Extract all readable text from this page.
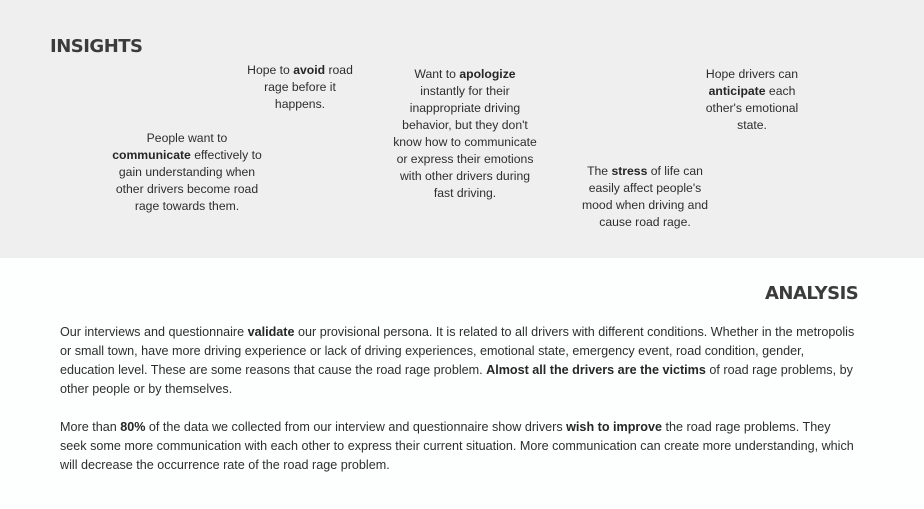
INSIGHTS

People want to communicate effectively to gain understanding when other drivers become road rage towards them.

Hope to avoid road rage before it happens.

Want to apologize instantly for their inappropriate driving behavior, but they don't know how to communicate or express their emotions with other drivers during fast driving.

The stress of life can easily affect people's mood when driving and cause road rage.

Hope drivers can anticipate each other's emotional state.

ANALYSIS

Our interviews and questionnaire validate our provisional persona. It is related to all drivers with different conditions. Whether in the metropolis or small town, have more driving experience or lack of driving experiences, emotional state, emergency event, road condition, gender, education level. These are some reasons that cause the road rage problem. Almost all the drivers are the victims of road rage problems, by other people or by themselves.

More than 80% of the data we collected from our interview and questionnaire show drivers wish to improve the road rage problems. They seek some more communication with each other to express their current situation. More communication can create more understanding, which will decrease the occurrence rate of the road rage problem.
